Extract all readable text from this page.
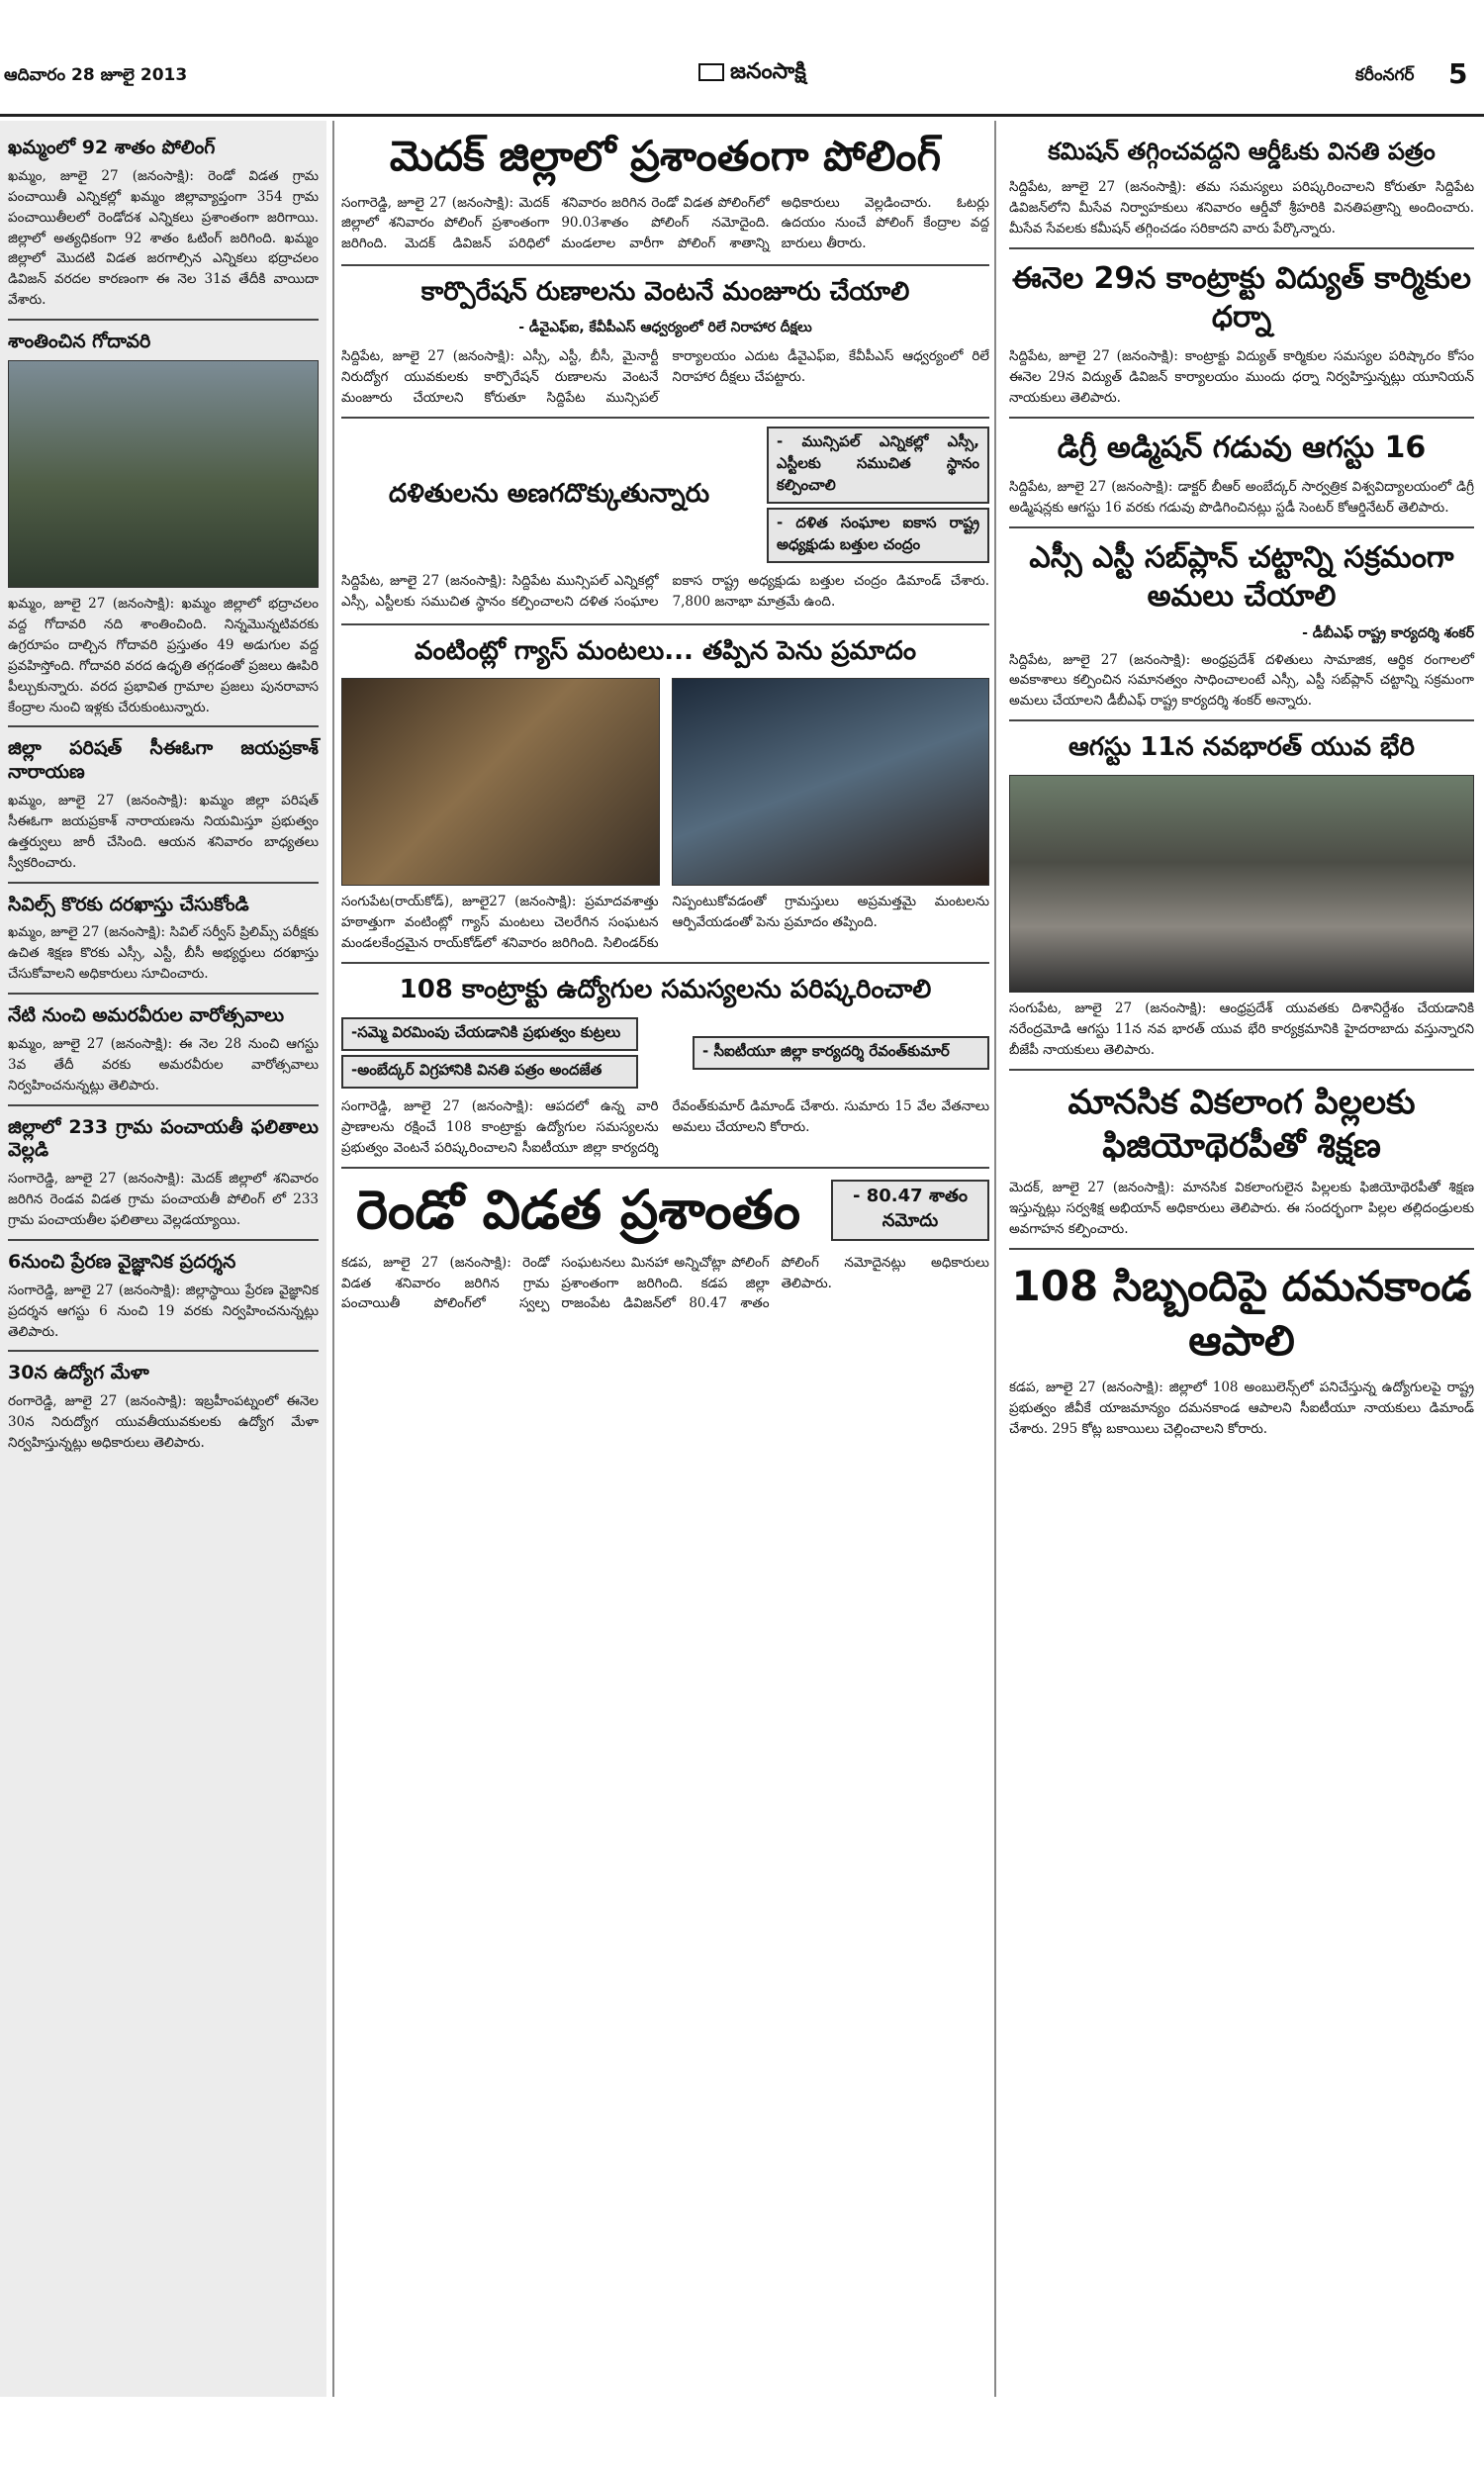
ఆదివారం 28 జూలై 2013	జనంసాక్షి	కరీంనగర్ 5
ఖమ్మంలో 92 శాతం పోలింగ్

ఖమ్మం, జూలై 27 (జనంసాక్షి): రెండో విడత గ్రామ పంచాయితీ ఎన్నికల్లో ఖమ్మం జిల్లావ్యాప్తంగా 354 గ్రామ పంచాయితీలలో రెండోదశ ఎన్నికలు ప్రశాంతంగా జరిగాయి. జిల్లాలో అత్యధికంగా 92 శాతం ఓటింగ్ జరిగింది. ఖమ్మం జిల్లాలో మొదటి విడత జరగాల్సిన ఎన్నికలు భద్రాచలం డివిజన్ వరదల కారణంగా ఈ నెల 31వ తేదీకి వాయిదా వేశారు.

శాంతించిన గోదావరి

ఖమ్మం, జూలై 27 (జనంసాక్షి): ఖమ్మం జిల్లాలో భద్రాచలం వద్ద గోదావరి నది శాంతించింది. నిన్నమొన్నటివరకు ఉగ్రరూపం దాల్చిన గోదావరి ప్రస్తుతం 49 అడుగుల వద్ద ప్రవహిస్తోంది. గోదావరి వరద ఉధృతి తగ్గడంతో ప్రజలు ఊపిరి పీల్చుకున్నారు. వరద ప్రభావిత గ్రామాల ప్రజలు పునరావాస కేంద్రాల నుంచి ఇళ్లకు చేరుకుంటున్నారు.

జిల్లా పరిషత్ సీఈఓగా జయప్రకాశ్ నారాయణ

ఖమ్మం, జూలై 27 (జనంసాక్షి): ఖమ్మం జిల్లా పరిషత్ సీఈఓగా జయప్రకాశ్ నారాయణను నియమిస్తూ ప్రభుత్వం ఉత్తర్వులు జారీ చేసింది. ఆయన శనివారం బాధ్యతలు స్వీకరించారు.

సివిల్స్ కొరకు దరఖాస్తు చేసుకోండి

ఖమ్మం, జూలై 27 (జనంసాక్షి): సివిల్ సర్వీస్ ప్రిలిమ్స్ పరీక్షకు ఉచిత శిక్షణ కొరకు ఎస్సీ, ఎస్టీ, బీసీ అభ్యర్థులు దరఖాస్తు చేసుకోవాలని అధికారులు సూచించారు.

నేటి నుంచి అమరవీరుల వారోత్సవాలు

ఖమ్మం, జూలై 27 (జనంసాక్షి): ఈ నెల 28 నుంచి ఆగస్టు 3వ తేదీ వరకు అమరవీరుల వారోత్సవాలు నిర్వహించనున్నట్లు తెలిపారు.

జిల్లాలో 233 గ్రామ పంచాయతీ ఫలితాలు వెల్లడి

సంగారెడ్డి, జూలై 27 (జనంసాక్షి): మెదక్ జిల్లాలో శనివారం జరిగిన రెండవ విడత గ్రామ పంచాయతీ పోలింగ్ లో 233 గ్రామ పంచాయతీల ఫలితాలు వెల్లడయ్యాయి.

6నుంచి ప్రేరణ వైజ్ఞానిక ప్రదర్శన

సంగారెడ్డి, జూలై 27 (జనంసాక్షి): జిల్లాస్థాయి ప్రేరణ వైజ్ఞానిక ప్రదర్శన ఆగస్టు 6 నుంచి 19 వరకు నిర్వహించనున్నట్లు తెలిపారు.

30న ఉద్యోగ మేళా

రంగారెడ్డి, జూలై 27 (జనంసాక్షి): ఇబ్రహీంపట్నంలో ఈనెల 30న నిరుద్యోగ యువతీయువకులకు ఉద్యోగ మేళా నిర్వహిస్తున్నట్లు అధికారులు తెలిపారు.

మెదక్ జిల్లాలో ప్రశాంతంగా పోలింగ్

సంగారెడ్డి, జూలై 27 (జనంసాక్షి): మెదక్ జిల్లాలో శనివారం పోలింగ్ ప్రశాంతంగా జరిగింది. మెదక్ డివిజన్ పరిధిలో శనివారం జరిగిన రెండో విడత పోలింగ్‌లో 90.03శాతం పోలింగ్ నమోదైంది. మండలాల వారీగా పోలింగ్ శాతాన్ని అధికారులు వెల్లడించారు. ఓటర్లు ఉదయం నుంచే పోలింగ్ కేంద్రాల వద్ద బారులు తీరారు.

కార్పొరేషన్ రుణాలను వెంటనే మంజూరు చేయాలి
- డీవైఎఫ్ఐ, కేవీపీఎస్ ఆధ్వర్యంలో రిలే నిరాహార దీక్షలు

సిద్దిపేట, జూలై 27 (జనంసాక్షి): ఎస్సీ, ఎస్టీ, బీసీ, మైనార్టీ నిరుద్యోగ యువకులకు కార్పొరేషన్ రుణాలను వెంటనే మంజూరు చేయాలని కోరుతూ సిద్దిపేట మున్సిపల్ కార్యాలయం ఎదుట డీవైఎఫ్ఐ, కేవీపీఎస్ ఆధ్వర్యంలో రిలే నిరాహార దీక్షలు చేపట్టారు.

దళితులను అణగదొక్కుతున్నారు
- మున్సిపల్ ఎన్నికల్లో ఎస్సీ, ఎస్టీలకు సముచిత స్థానం కల్పించాలి
- దళిత సంఘాల ఐకాస రాష్ట్ర అధ్యక్షుడు బత్తుల చంద్రం

సిద్దిపేట, జూలై 27 (జనంసాక్షి): సిద్దిపేట మున్సిపల్ ఎన్నికల్లో ఎస్సీ, ఎస్టీలకు సముచిత స్థానం కల్పించాలని దళిత సంఘాల ఐకాస రాష్ట్ర అధ్యక్షుడు బత్తుల చంద్రం డిమాండ్ చేశారు. 7,800 జనాభా మాత్రమే ఉంది.

వంటింట్లో గ్యాస్ మంటలు... తప్పిన పెను ప్రమాదం

సంగుపేట(రాయ్‌కోడ్), జూలై27 (జనంసాక్షి): ప్రమాదవశాత్తు హఠాత్తుగా వంటింట్లో గ్యాస్ మంటలు చెలరేగిన సంఘటన మండలకేంద్రమైన రాయ్‌కోడ్‌లో శనివారం జరిగింది. సిలిండర్‌కు నిప్పంటుకోవడంతో గ్రామస్తులు అప్రమత్తమై మంటలను ఆర్పివేయడంతో పెను ప్రమాదం తప్పింది.

108 కాంట్రాక్టు ఉద్యోగుల సమస్యలను పరిష్కరించాలి
-సమ్మె విరమింపు చేయడానికి ప్రభుత్వం కుట్రలు
-అంబేద్కర్ విగ్రహానికి వినతి పత్రం అందజేత
- సీఐటీయూ జిల్లా కార్యదర్శి రేవంత్‌కుమార్

సంగారెడ్డి, జూలై 27 (జనంసాక్షి): ఆపదలో ఉన్న వారి ప్రాణాలను రక్షించే 108 కాంట్రాక్టు ఉద్యోగుల సమస్యలను ప్రభుత్వం వెంటనే పరిష్కరించాలని సీఐటీయూ జిల్లా కార్యదర్శి రేవంత్‌కుమార్ డిమాండ్ చేశారు. సుమారు 15 వేల వేతనాలు అమలు చేయాలని కోరారు.

రెండో విడత ప్రశాంతం	- 80.47 శాతం నమోదు

కడప, జూలై 27 (జనంసాక్షి): రెండో విడత శనివారం జరిగిన గ్రామ పంచాయితీ పోలింగ్‌లో స్వల్ప సంఘటనలు మినహా అన్నిచోట్లా పోలింగ్ ప్రశాంతంగా జరిగింది. కడప జిల్లా రాజంపేట డివిజన్‌లో 80.47 శాతం పోలింగ్ నమోదైనట్లు అధికారులు తెలిపారు.

కమిషన్ తగ్గించవద్దని ఆర్డీఓకు వినతి పత్రం

సిద్దిపేట, జూలై 27 (జనంసాక్షి): తమ సమస్యలు పరిష్కరించాలని కోరుతూ సిద్దిపేట డివిజన్‌లోని మీసేవ నిర్వాహకులు శనివారం ఆర్డీవో శ్రీహరికి వినతిపత్రాన్ని అందించారు. మీసేవ సేవలకు కమీషన్ తగ్గించడం సరికాదని వారు పేర్కొన్నారు.

ఈనెల 29న కాంట్రాక్టు విద్యుత్ కార్మికుల ధర్నా

సిద్దిపేట, జూలై 27 (జనంసాక్షి): కాంట్రాక్టు విద్యుత్ కార్మికుల సమస్యల పరిష్కారం కోసం ఈనెల 29న విద్యుత్ డివిజన్ కార్యాలయం ముందు ధర్నా నిర్వహిస్తున్నట్లు యూనియన్ నాయకులు తెలిపారు.

డిగ్రీ అడ్మిషన్ గడువు ఆగస్టు 16

సిద్దిపేట, జూలై 27 (జనంసాక్షి): డాక్టర్ బీఆర్ అంబేద్కర్ సార్వత్రిక విశ్వవిద్యాలయంలో డిగ్రీ అడ్మిషన్లకు ఆగస్టు 16 వరకు గడువు పొడిగించినట్లు స్టడీ సెంటర్ కోఆర్డినేటర్ తెలిపారు.

ఎస్సీ ఎస్టీ సబ్‌ప్లాన్ చట్టాన్ని సక్రమంగా అమలు చేయాలి
- డీబీఎఫ్ రాష్ట్ర కార్యదర్శి శంకర్

సిద్దిపేట, జూలై 27 (జనంసాక్షి): అంధ్రప్రదేశ్ దళితులు సామాజిక, ఆర్థిక రంగాలలో అవకాశాలు కల్పించిన సమానత్వం సాధించాలంటే ఎస్సీ, ఎస్టీ సబ్‌ప్లాన్ చట్టాన్ని సక్రమంగా అమలు చేయాలని డీబీఎఫ్ రాష్ట్ర కార్యదర్శి శంకర్ అన్నారు.

ఆగస్టు 11న నవభారత్ యువ భేరి

సంగుపేట, జూలై 27 (జనంసాక్షి): ఆంధ్రప్రదేశ్ యువతకు దిశానిర్దేశం చేయడానికి నరేంద్రమోడి ఆగస్టు 11న నవ భారత్ యువ భేరి కార్యక్రమానికి హైదరాబాదు వస్తున్నారని బీజేపీ నాయకులు తెలిపారు.

మానసిక వికలాంగ పిల్లలకు ఫిజియోథెరపీతో శిక్షణ

మెదక్, జూలై 27 (జనంసాక్షి): మానసిక వికలాంగులైన పిల్లలకు ఫిజియోథెరపీతో శిక్షణ ఇస్తున్నట్లు సర్వశిక్ష అభియాన్ అధికారులు తెలిపారు. ఈ సందర్భంగా పిల్లల తల్లిదండ్రులకు అవగాహన కల్పించారు.

108 సిబ్బందిపై దమనకాండ ఆపాలి

కడప, జూలై 27 (జనంసాక్షి): జిల్లాలో 108 అంబులెన్స్‌లో పనిచేస్తున్న ఉద్యోగులపై రాష్ట్ర ప్రభుత్వం జీవీకే యాజమాన్యం దమనకాండ ఆపాలని సీఐటీయూ నాయకులు డిమాండ్ చేశారు. 295 కోట్ల బకాయిలు చెల్లించాలని కోరారు.
